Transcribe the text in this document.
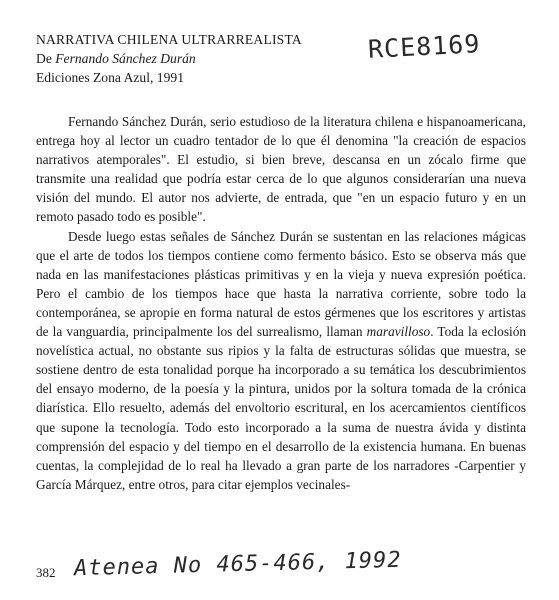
NARRATIVA CHILENA ULTRARREALISTA
De Fernando Sánchez Durán
Ediciones Zona Azul, 1991
RCE8169

Fernando Sánchez Durán, serio estudioso de la literatura chilena e hispanoamericana, entrega hoy al lector un cuadro tentador de lo que él denomina "la creación de espacios narrativos atemporales". El estudio, si bien breve, descansa en un zócalo firme que transmite una realidad que podría estar cerca de lo que algunos considerarían una nueva visión del mundo. El autor nos advierte, de entrada, que "en un espacio futuro y en un remoto pasado todo es posible".

Desde luego estas señales de Sánchez Durán se sustentan en las relaciones mágicas que el arte de todos los tiempos contiene como fermento básico. Esto se observa más que nada en las manifestaciones plásticas primitivas y en la vieja y nueva expresión poética. Pero el cambio de los tiempos hace que hasta la narrativa corriente, sobre todo la contemporánea, se apropie en forma natural de estos gérmenes que los escritores y artistas de la vanguardia, principalmente los del surrealismo, llaman maravilloso. Toda la eclosión novelística actual, no obstante sus ripios y la falta de estructuras sólidas que muestra, se sostiene dentro de esta tonalidad porque ha incorporado a su temática los descubrimientos del ensayo moderno, de la poesía y la pintura, unidos por la soltura tomada de la crónica diarística. Ello resuelto, además del envoltorio escritural, en los acercamientos científicos que supone la tecnología. Todo esto incorporado a la suma de nuestra ávida y distinta comprensión del espacio y del tiempo en el desarrollo de la existencia humana. En buenas cuentas, la complejidad de lo real ha llevado a gran parte de los narradores -Carpentier y García Márquez, entre otros, para citar ejemplos vecinales-

382 Atenea No 465-466, 1992
